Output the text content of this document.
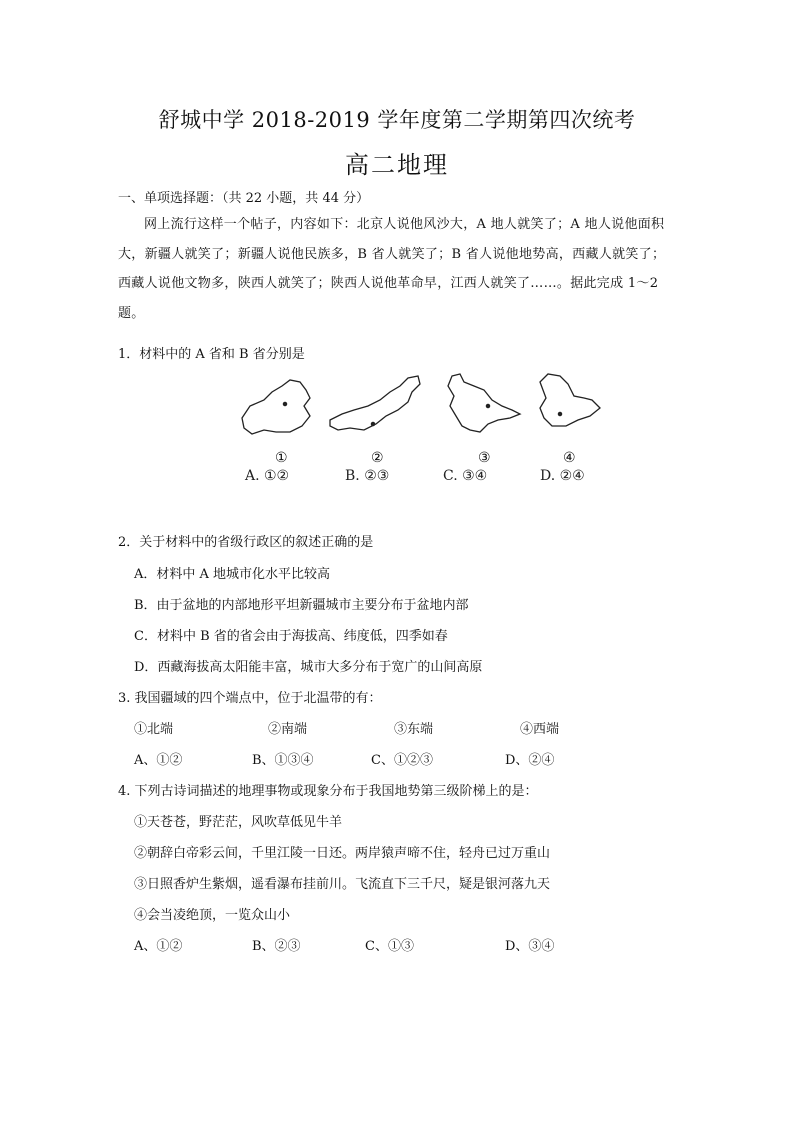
舒城中学 2018-2019 学年度第二学期第四次统考
高二地理
一、单项选择题：（共 22 小题，共 44 分）
网上流行这样一个帖子，内容如下：北京人说他风沙大，A 地人就笑了；A 地人说他面积大，新疆人就笑了；新疆人说他民族多，B 省人就笑了；B 省人说他地势高，西藏人就笑了；西藏人说他文物多，陕西人就笑了；陕西人说他革命早，江西人就笑了……。据此完成 1～2 题。
1．材料中的 A 省和 B 省分别是
①	②	③	④
A. ①②	B. ②③	C. ③④	D. ②④
2．关于材料中的省级行政区的叙述正确的是
A．材料中 A 地城市化水平比较高
B．由于盆地的内部地形平坦新疆城市主要分布于盆地内部
C．材料中 B 省的省会由于海拔高、纬度低，四季如春
D．西藏海拔高太阳能丰富，城市大多分布于宽广的山间高原
3. 我国疆域的四个端点中，位于北温带的有：
①北端	②南端	③东端	④西端
A、①②	B、①③④	C、①②③	D、②④
4. 下列古诗词描述的地理事物或现象分布于我国地势第三级阶梯上的是：
①天苍苍，野茫茫，风吹草低见牛羊
②朝辞白帝彩云间，千里江陵一日还。两岸猿声啼不住，轻舟已过万重山
③日照香炉生紫烟，遥看瀑布挂前川。飞流直下三千尺，疑是银河落九天
④会当凌绝顶，一览众山小
A、①②	B、②③	C、①③	D、③④
